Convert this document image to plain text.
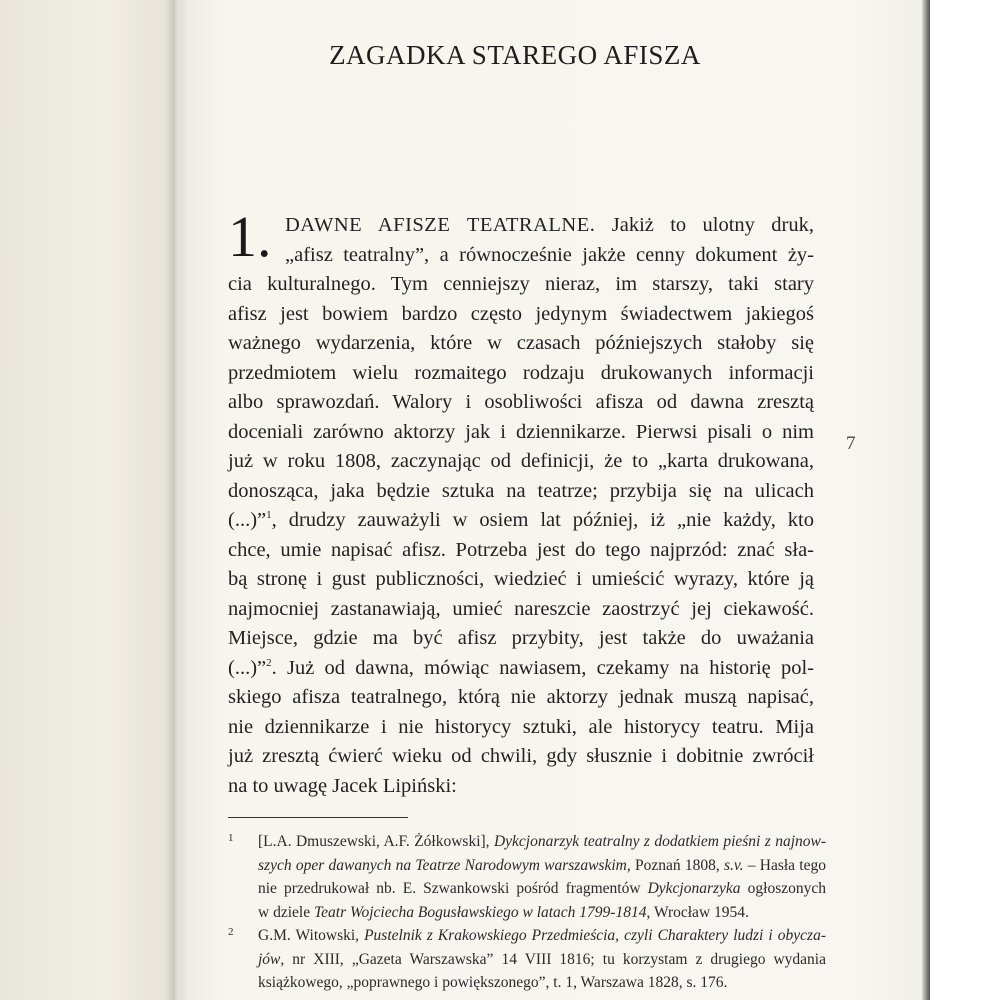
ZAGADKA STAREGO AFISZA
7
1. DAWNE AFISZE TEATRALNE. Jakiż to ulotny druk,
„afisz teatralny”, a równocześnie jakże cenny dokument ży-
cia kulturalnego. Tym cenniejszy nieraz, im starszy, taki stary
afisz jest bowiem bardzo często jedynym świadectwem jakiegoś
ważnego wydarzenia, które w czasach późniejszych stałoby się
przedmiotem wielu rozmaitego rodzaju drukowanych informacji
albo sprawozdań. Walory i osobliwości afisza od dawna zresztą
doceniali zarówno aktorzy jak i dziennikarze. Pierwsi pisali o nim
już w roku 1808, zaczynając od definicji, że to „karta drukowana,
donosząca, jaka będzie sztuka na teatrze; przybija się na ulicach
(...)”$^1$, drudzy zauważyli w osiem lat później, iż „nie każdy, kto
chce, umie napisać afisz. Potrzeba jest do tego najprzód: znać sła-
bą stronę i gust publiczności, wiedzieć i umieścić wyrazy, które ją
najmocniej zastanawiają, umieć nareszcie zaostrzyć jej ciekawość.
Miejsce, gdzie ma być afisz przybity, jest także do uważania
(...)”$^2$. Już od dawna, mówiąc nawiasem, czekamy na historię pol-
skiego afisza teatralnego, którą nie aktorzy jednak muszą napisać,
nie dziennikarze i nie historycy sztuki, ale historycy teatru. Mija
już zresztą ćwierć wieku od chwili, gdy słusznie i dobitnie zwrócił
na to uwagę Jacek Lipiński:
1 [L.A. Dmuszewski, A.F. Żółkowski], Dykcjonarzyk teatralny z dodatkiem pieśni z najnow-
szych oper dawanych na Teatrze Narodowym warszawskim, Poznań 1808, s.v. – Hasła tego
nie przedrukował nb. E. Szwankowski pośród fragmentów Dykcjonarzyka ogłoszonych
w dziele Teatr Wojciecha Bogusławskiego w latach 1799-1814, Wrocław 1954.
2 G.M. Witowski, Pustelnik z Krakowskiego Przedmieścia, czyli Charaktery ludzi i obycza-
jów, nr XIII, „Gazeta Warszawska” 14 VIII 1816; tu korzystam z drugiego wydania
książkowego, „poprawnego i powiększonego”, t. 1, Warszawa 1828, s. 176.
